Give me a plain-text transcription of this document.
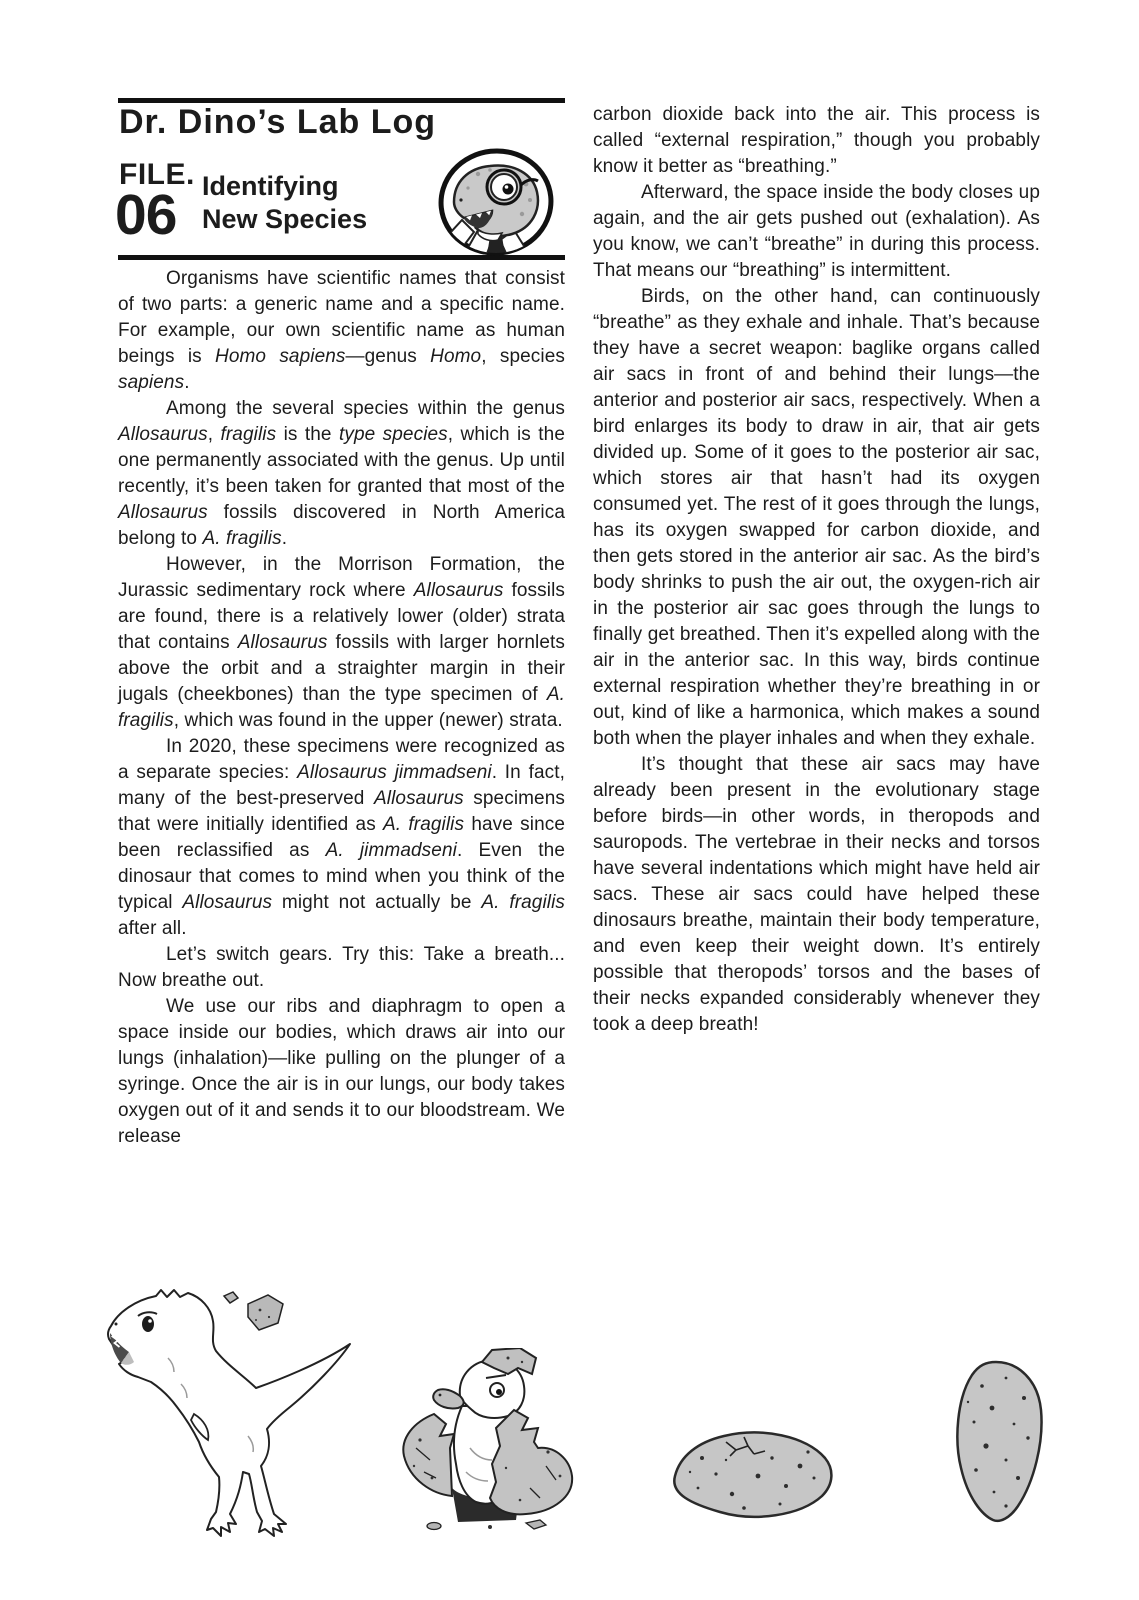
Dr. Dino’s Lab Log
FILE.
06 Identifying
New Species

Organisms have scientific names that consist of two parts: a generic name and a specific name. For example, our own scientific name as human beings is Homo sapiens—genus Homo, species sapiens.

Among the several species within the genus Allosaurus, fragilis is the type species, which is the one permanently associated with the genus. Up until recently, it’s been taken for granted that most of the Allosaurus fossils discovered in North America belong to A. fragilis.

However, in the Morrison Formation, the Jurassic sedimentary rock where Allosaurus fossils are found, there is a relatively lower (older) strata that contains Allosaurus fossils with larger hornlets above the orbit and a straighter margin in their jugals (cheekbones) than the type specimen of A. fragilis, which was found in the upper (newer) strata.

In 2020, these specimens were recognized as a separate species: Allosaurus jimmadseni. In fact, many of the best-preserved Allosaurus specimens that were initially identified as A. fragilis have since been reclassified as A. jimmadseni. Even the dinosaur that comes to mind when you think of the typical Allosaurus might not actually be A. fragilis after all.

Let’s switch gears. Try this: Take a breath... Now breathe out.

We use our ribs and diaphragm to open a space inside our bodies, which draws air into our lungs (inhalation)—like pulling on the plunger of a syringe. Once the air is in our lungs, our body takes oxygen out of it and sends it to our bloodstream. We release

carbon dioxide back into the air. This process is called “external respiration,” though you probably know it better as “breathing.”

Afterward, the space inside the body closes up again, and the air gets pushed out (exhalation). As you know, we can’t “breathe” in during this process. That means our “breathing” is intermittent.

Birds, on the other hand, can continuously “breathe” as they exhale and inhale. That’s because they have a secret weapon: baglike organs called air sacs in front of and behind their lungs—the anterior and posterior air sacs, respectively. When a bird enlarges its body to draw in air, that air gets divided up. Some of it goes to the posterior air sac, which stores air that hasn’t had its oxygen consumed yet. The rest of it goes through the lungs, has its oxygen swapped for carbon dioxide, and then gets stored in the anterior air sac. As the bird’s body shrinks to push the air out, the oxygen-rich air in the posterior air sac goes through the lungs to finally get breathed. Then it’s expelled along with the air in the anterior sac. In this way, birds continue external respiration whether they’re breathing in or out, kind of like a harmonica, which makes a sound both when the player inhales and when they exhale.

It’s thought that these air sacs may have already been present in the evolutionary stage before birds—in other words, in theropods and sauropods. The vertebrae in their necks and torsos have several indentations which might have held air sacs. These air sacs could have helped these dinosaurs breathe, maintain their body temperature, and even keep their weight down. It’s entirely possible that theropods’ torsos and the bases of their necks expanded considerably whenever they took a deep breath!
